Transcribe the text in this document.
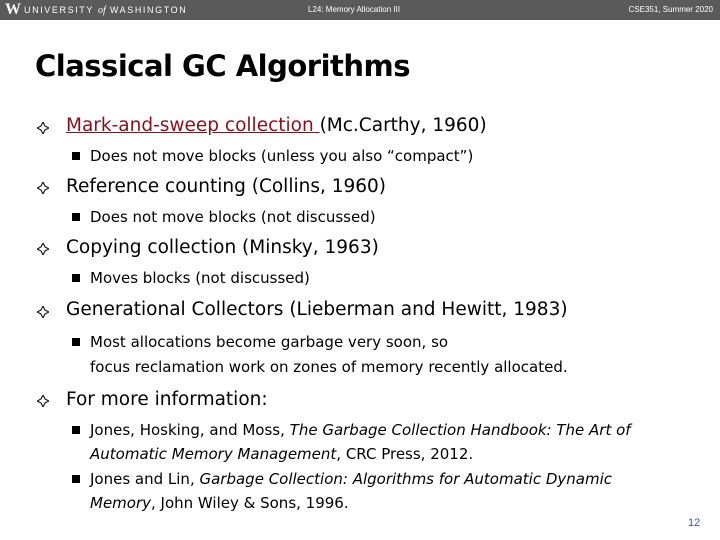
W UNIVERSITY of WASHINGTON	L24: Memory Allocation III	CSE351, Summer 2020
Classical GC Algorithms
Mark-and-sweep collection (Mc.Carthy, 1960)
Does not move blocks (unless you also “compact”)
Reference counting (Collins, 1960)
Does not move blocks (not discussed)
Copying collection (Minsky, 1963)
Moves blocks (not discussed)
Generational Collectors (Lieberman and Hewitt, 1983)
Most allocations become garbage very soon, so
focus reclamation work on zones of memory recently allocated.
For more information:
Jones, Hosking, and Moss, The Garbage Collection Handbook: The Art of
Automatic Memory Management, CRC Press, 2012.
Jones and Lin, Garbage Collection: Algorithms for Automatic Dynamic
Memory, John Wiley & Sons, 1996.
12
